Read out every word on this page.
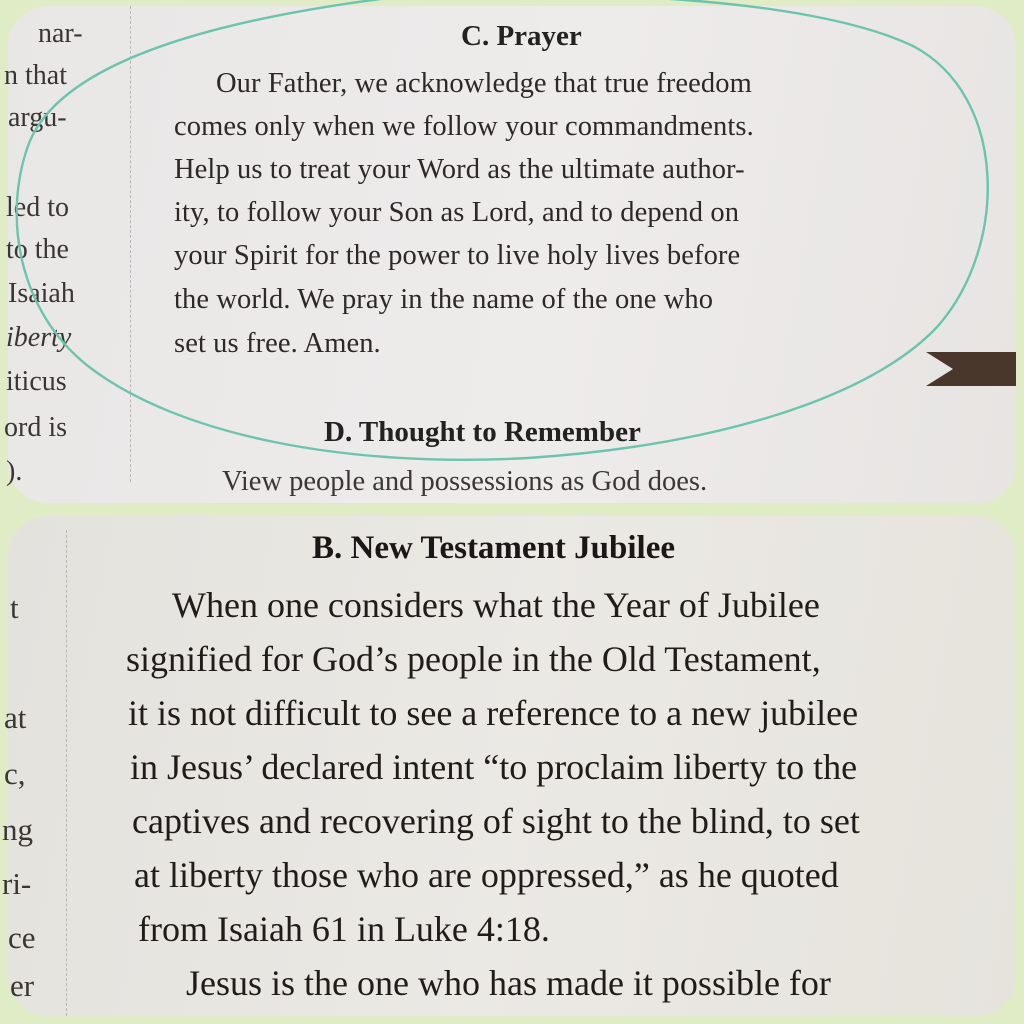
nar-
n that
argu-
led to
to the
Isaiah
iberty
iticus
ord is
).
C. Prayer
Our Father, we acknowledge that true freedom
comes only when we follow your commandments.
Help us to treat your Word as the ultimate author-
ity, to follow your Son as Lord, and to depend on
your Spirit for the power to live holy lives before
the world. We pray in the name of the one who
set us free. Amen.
D. Thought to Remember
View people and possessions as God does.
t
at
c,
ng
ri-
ce
er
B. New Testament Jubilee
When one considers what the Year of Jubilee
signified for God’s people in the Old Testament,
it is not difficult to see a reference to a new jubilee
in Jesus’ declared intent “to proclaim liberty to the
captives and recovering of sight to the blind, to set
at liberty those who are oppressed,” as he quoted
from Isaiah 61 in Luke 4:18.
Jesus is the one who has made it possible for
